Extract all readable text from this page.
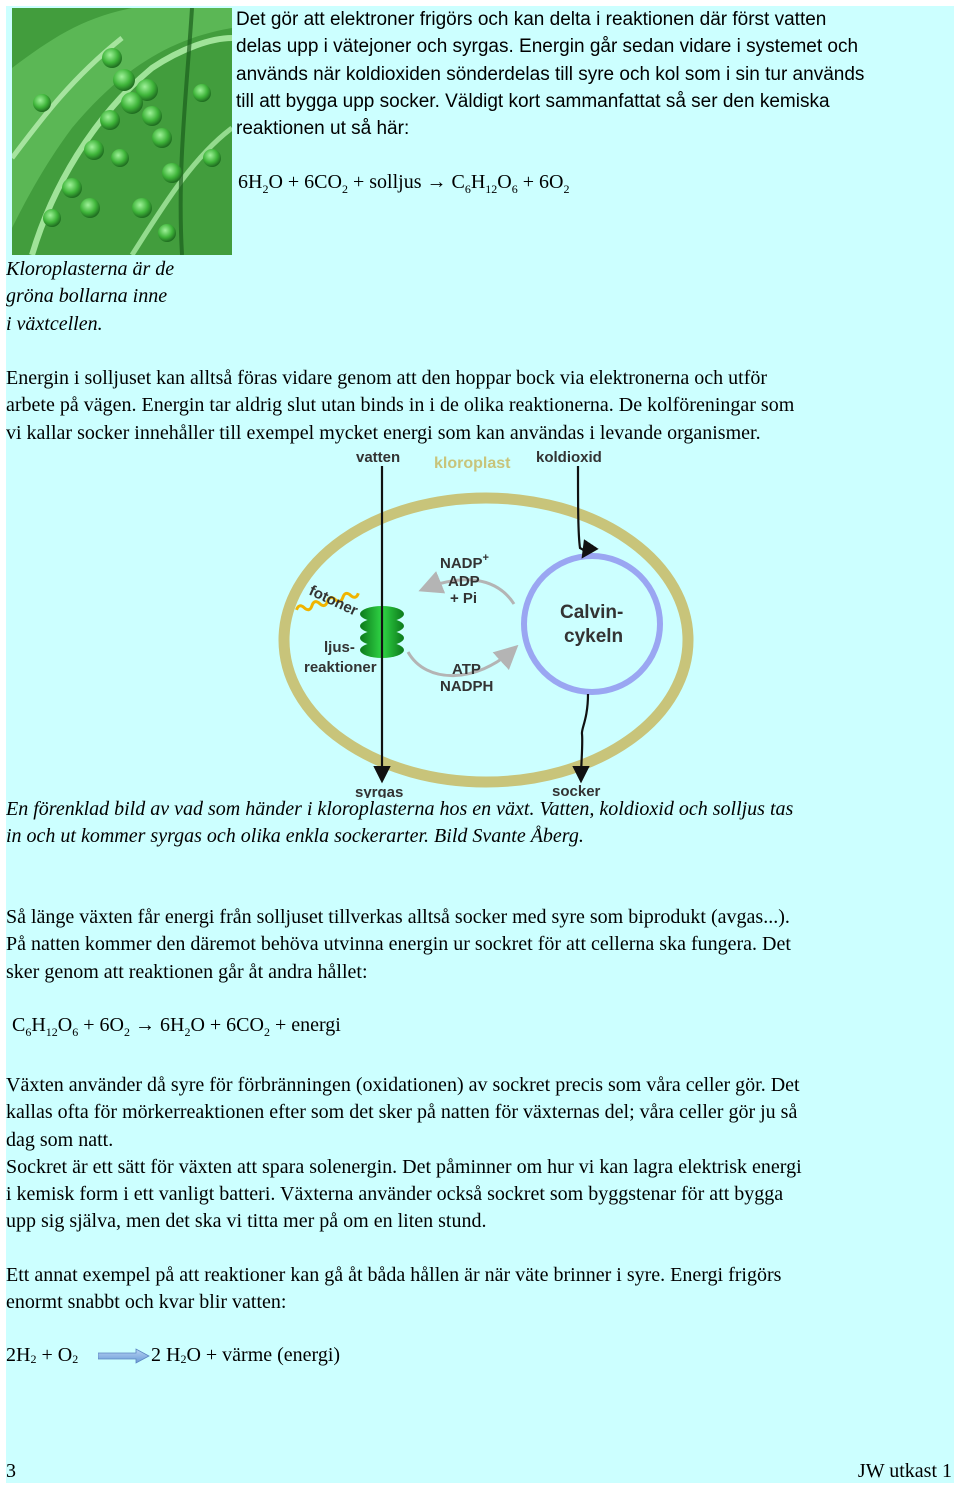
Det gör att elektroner frigörs och kan delta i reaktionen där först vatten
delas upp i vätejoner och syrgas. Energin går sedan vidare i systemet och
används när koldioxiden sönderdelas till syre och kol som i sin tur används
till att bygga upp socker. Väldigt kort sammanfattat så ser den kemiska
reaktionen ut så här:
$6H_2O + 6CO_2$ + solljus → $C_6H_{12}O_6 + 6O_2$
Kloroplasterna är de
gröna bollarna inne
i växtcellen.
Energin i solljuset kan alltså föras vidare genom att den hoppar bock via elektronerna och utför
arbete på vägen. Energin tar aldrig slut utan binds in i de olika reaktionerna. De kolföreningar som
vi kallar socker innehåller till exempel mycket energi som kan användas i levande organismer.
vatten kloroplast koldioxid
NADP+
ADP
+ Pi
ATP
NADPH
fotoner
ljus-
reaktioner
Calvin-
cykeln
syrgas	socker
En förenklad bild av vad som händer i kloroplasterna hos en växt. Vatten, koldioxid och solljus tas
in och ut kommer syrgas och olika enkla sockerarter. Bild Svante Åberg.
Så länge växten får energi från solljuset tillverkas alltså socker med syre som biprodukt (avgas...).
På natten kommer den däremot behöva utvinna energin ur sockret för att cellerna ska fungera. Det
sker genom att reaktionen går åt andra hållet:
$C_6H_{12}O_6 + 6O_2 \to 6H_2O + 6CO_2$ + energi
Växten använder då syre för förbränningen (oxidationen) av sockret precis som våra celler gör. Det
kallas ofta för mörkerreaktionen efter som det sker på natten för växternas del; våra celler gör ju så
dag som natt.
Sockret är ett sätt för växten att spara solenergin. Det påminner om hur vi kan lagra elektrisk energi
i kemisk form i ett vanligt batteri. Växterna använder också sockret som byggstenar för att bygga
upp sig själva, men det ska vi titta mer på om en liten stund.
Ett annat exempel på att reaktioner kan gå åt båda hållen är när väte brinner i syre. Energi frigörs
enormt snabbt och kvar blir vatten:
$2H_2 + O_2$	2 $H_2O$ + värme (energi)
3	JW utkast 1
